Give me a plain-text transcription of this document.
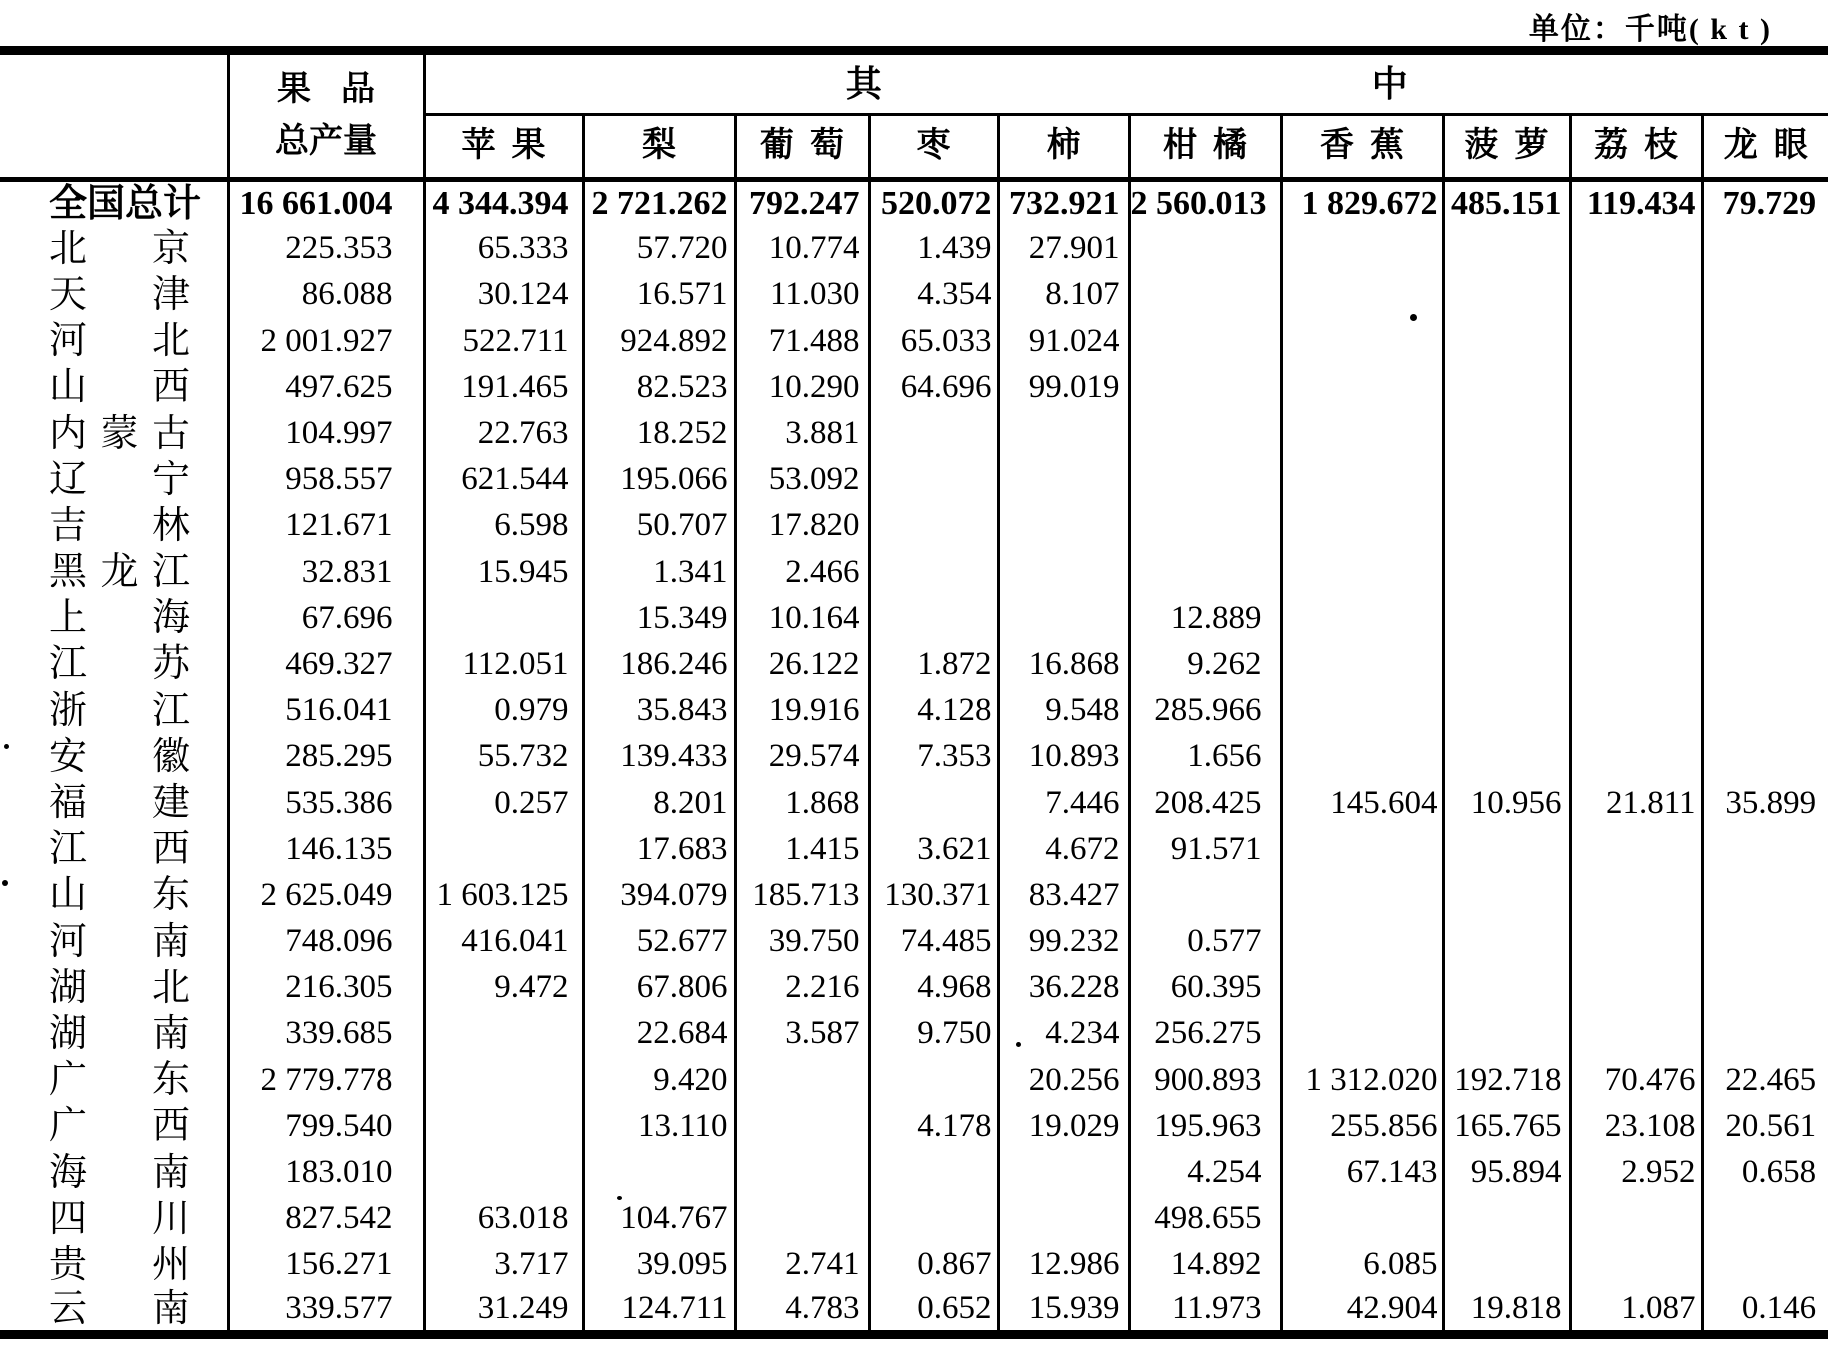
单位：千吨( k t )

果 品
总产量

其	中

		苹 果	梨	葡 萄	枣	柿	柑 橘	香 蕉	菠 萝	荔 枝	龙 眼

全 国 总 计	16 661.004	4 344.394	2 721.262	792.247	520.072	732.921	2 560.013	1 829.672	485.151	119.434	79.729

北 京	225.353	65.333	57.720	10.774	1.439	27.901					

天 津	86.088	30.124	16.571	11.030	4.354	8.107					

河 北	2 001.927	522.711	924.892	71.488	65.033	91.024					

山 西	497.625	191.465	82.523	10.290	64.696	99.019					

内 蒙 古	104.997	22.763	18.252	3.881							

辽 宁	958.557	621.544	195.066	53.092							

吉 林	121.671	6.598	50.707	17.820							

黑 龙 江	32.831	15.945	1.341	2.466							

上 海	67.696		15.349	10.164			12.889				

江 苏	469.327	112.051	186.246	26.122	1.872	16.868	9.262				

浙 江	516.041	0.979	35.843	19.916	4.128	9.548	285.966				

安 徽	285.295	55.732	139.433	29.574	7.353	10.893	1.656				

福 建	535.386	0.257	8.201	1.868		7.446	208.425	145.604	10.956	21.811	35.899

江 西	146.135		17.683	1.415	3.621	4.672	91.571				

山 东	2 625.049	1 603.125	394.079	185.713	130.371	83.427					

河 南	748.096	416.041	52.677	39.750	74.485	99.232	0.577				

湖 北	216.305	9.472	67.806	2.216	4.968	36.228	60.395				

湖 南	339.685		22.684	3.587	9.750	4.234	256.275				

广 东	2 779.778		9.420			20.256	900.893	1 312.020	192.718	70.476	22.465

广 西	799.540		13.110		4.178	19.029	195.963	255.856	165.765	23.108	20.561

海 南	183.010						4.254	67.143	95.894	2.952	0.658

四 川	827.542	63.018	104.767				498.655				

贵 州	156.271	3.717	39.095	2.741	0.867	12.986	14.892	6.085			

云 南	339.577	31.249	124.711	4.783	0.652	15.939	11.973	42.904	19.818	1.087	0.146
